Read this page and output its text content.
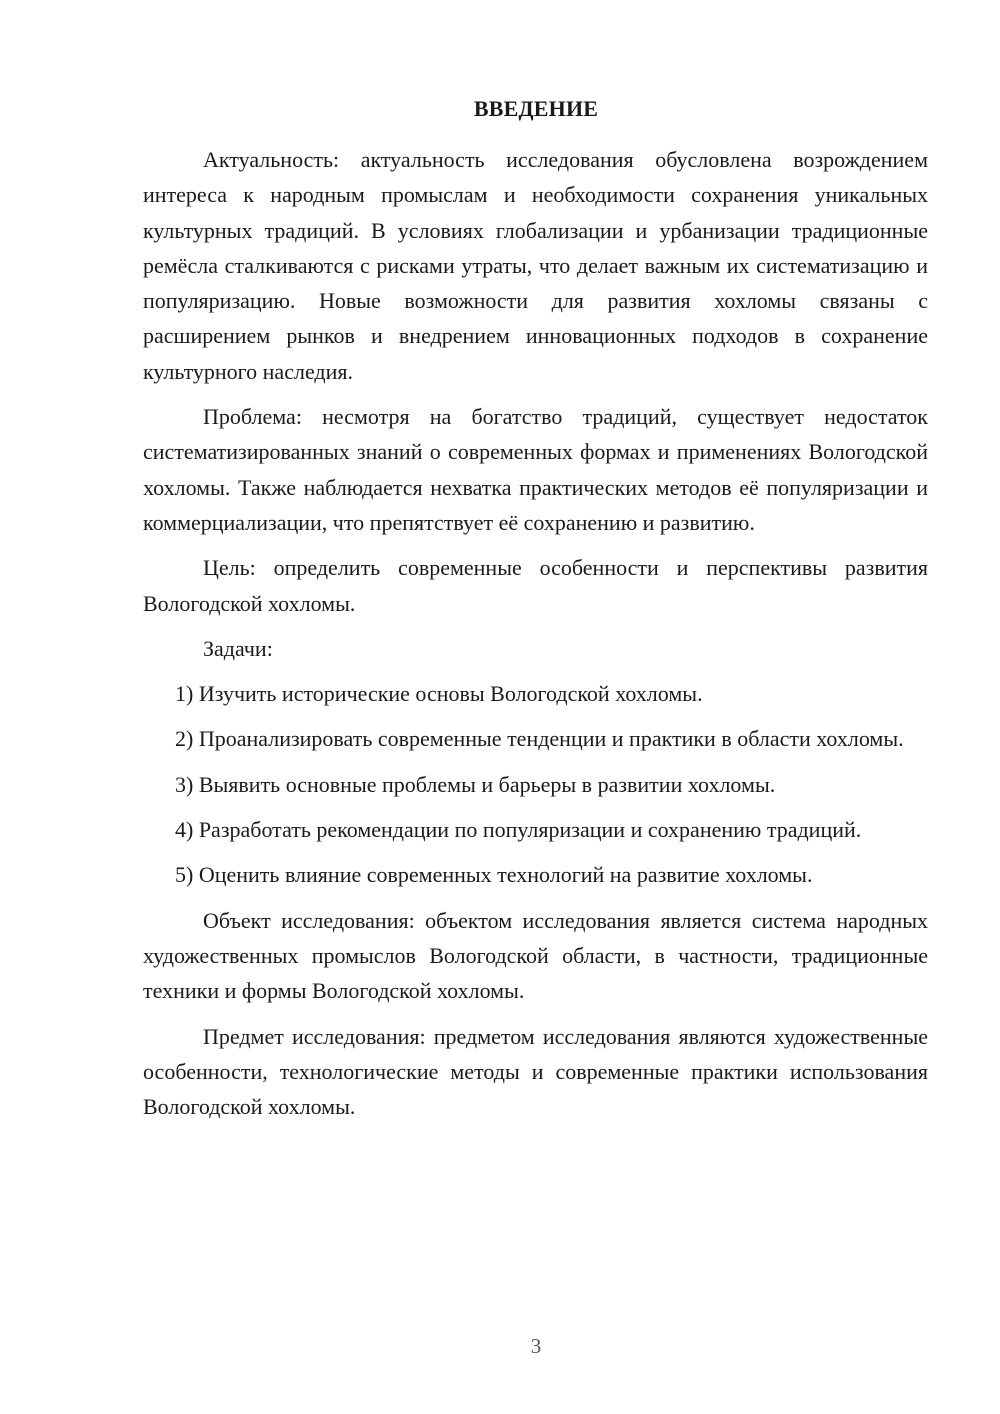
ВВЕДЕНИЕ

Актуальность: актуальность исследования обусловлена возрождением интереса к народным промыслам и необходимости сохранения уникальных культурных традиций. В условиях глобализации и урбанизации традиционные ремёсла сталкиваются с рисками утраты, что делает важным их систематизацию и популяризацию. Новые возможности для развития хохломы связаны с расширением рынков и внедрением инновационных подходов в сохранение культурного наследия.

Проблема: несмотря на богатство традиций, существует недостаток систематизированных знаний о современных формах и применениях Вологодской хохломы. Также наблюдается нехватка практических методов её популяризации и коммерциализации, что препятствует её сохранению и развитию.

Цель: определить современные особенности и перспективы развития Вологодской хохломы.

Задачи:

1) Изучить исторические основы Вологодской хохломы.

2) Проанализировать современные тенденции и практики в области хохломы.

3) Выявить основные проблемы и барьеры в развитии хохломы.

4) Разработать рекомендации по популяризации и сохранению традиций.

5) Оценить влияние современных технологий на развитие хохломы.

Объект исследования: объектом исследования является система народных художественных промыслов Вологодской области, в частности, традиционные техники и формы Вологодской хохломы.

Предмет исследования: предметом исследования являются художественные особенности, технологические методы и современные практики использования Вологодской хохломы.

3
